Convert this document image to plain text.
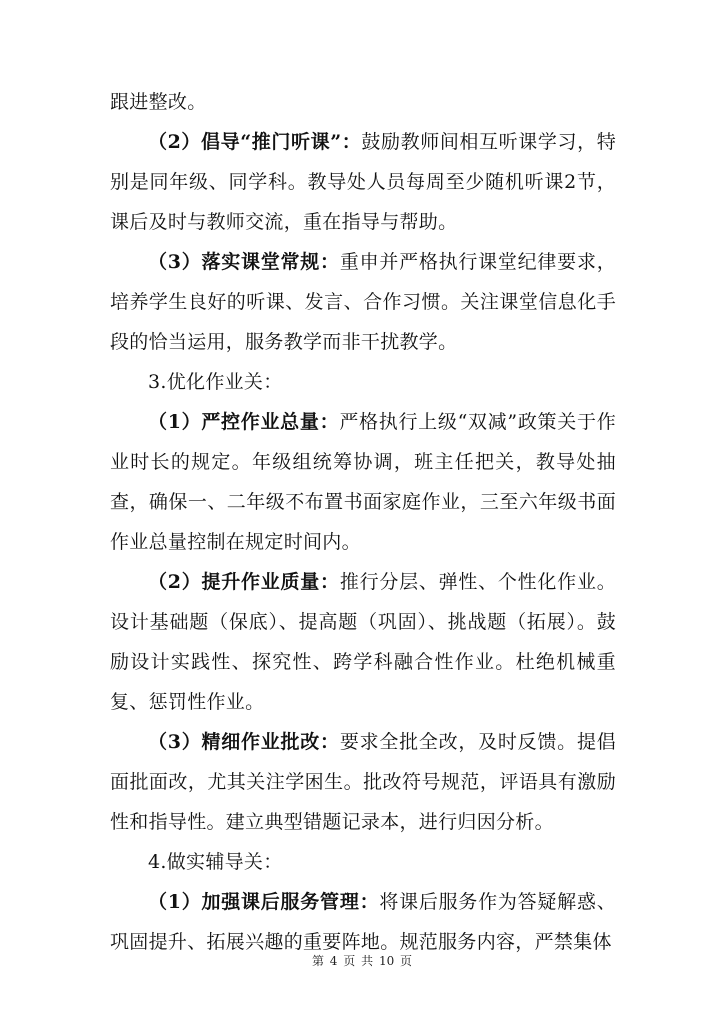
跟进整改。

（2）倡导“推门听课”：鼓励教师间相互听课学习，特别是同年级、同学科。教导处人员每周至少随机听课2节，课后及时与教师交流，重在指导与帮助。

（3）落实课堂常规：重申并严格执行课堂纪律要求，培养学生良好的听课、发言、合作习惯。关注课堂信息化手段的恰当运用，服务教学而非干扰教学。

3.优化作业关：

（1）严控作业总量：严格执行上级“双减”政策关于作业时长的规定。年级组统筹协调，班主任把关，教导处抽查，确保一、二年级不布置书面家庭作业，三至六年级书面作业总量控制在规定时间内。

（2）提升作业质量：推行分层、弹性、个性化作业。设计基础题（保底）、提高题（巩固）、挑战题（拓展）。鼓励设计实践性、探究性、跨学科融合性作业。杜绝机械重复、惩罚性作业。

（3）精细作业批改：要求全批全改，及时反馈。提倡面批面改，尤其关注学困生。批改符号规范，评语具有激励性和指导性。建立典型错题记录本，进行归因分析。

4.做实辅导关：

（1）加强课后服务管理：将课后服务作为答疑解惑、巩固提升、拓展兴趣的重要阵地。规范服务内容，严禁集体

第 4 页 共 10 页
